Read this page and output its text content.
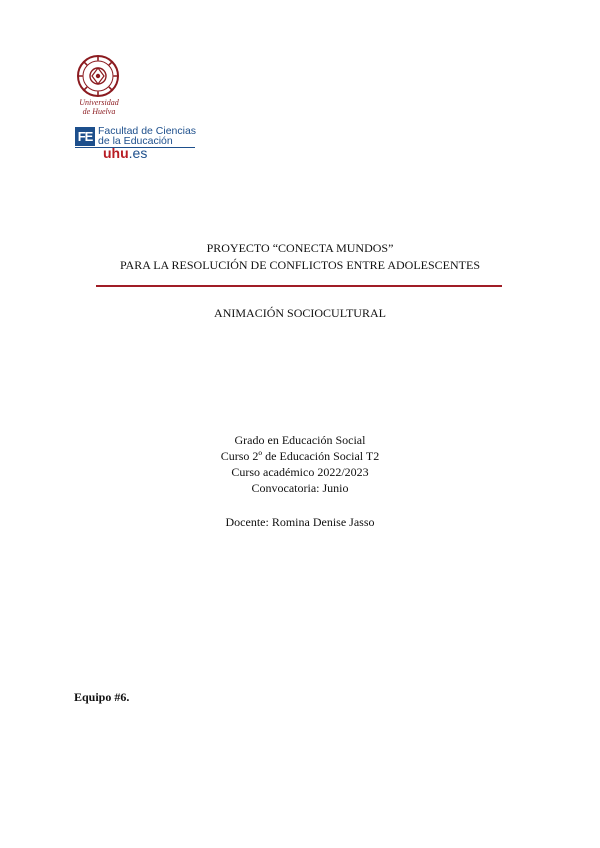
Universidad
de Huelva
FE Facultad de Ciencias
de la Educación
uhu.es
PROYECTO “CONECTA MUNDOS”
PARA LA RESOLUCIÓN DE CONFLICTOS ENTRE ADOLESCENTES
ANIMACIÓN SOCIOCULTURAL
Grado en Educación Social
Curso 2º de Educación Social T2
Curso académico 2022/2023
Convocatoria: Junio
Docente: Romina Denise Jasso
Equipo #6.
